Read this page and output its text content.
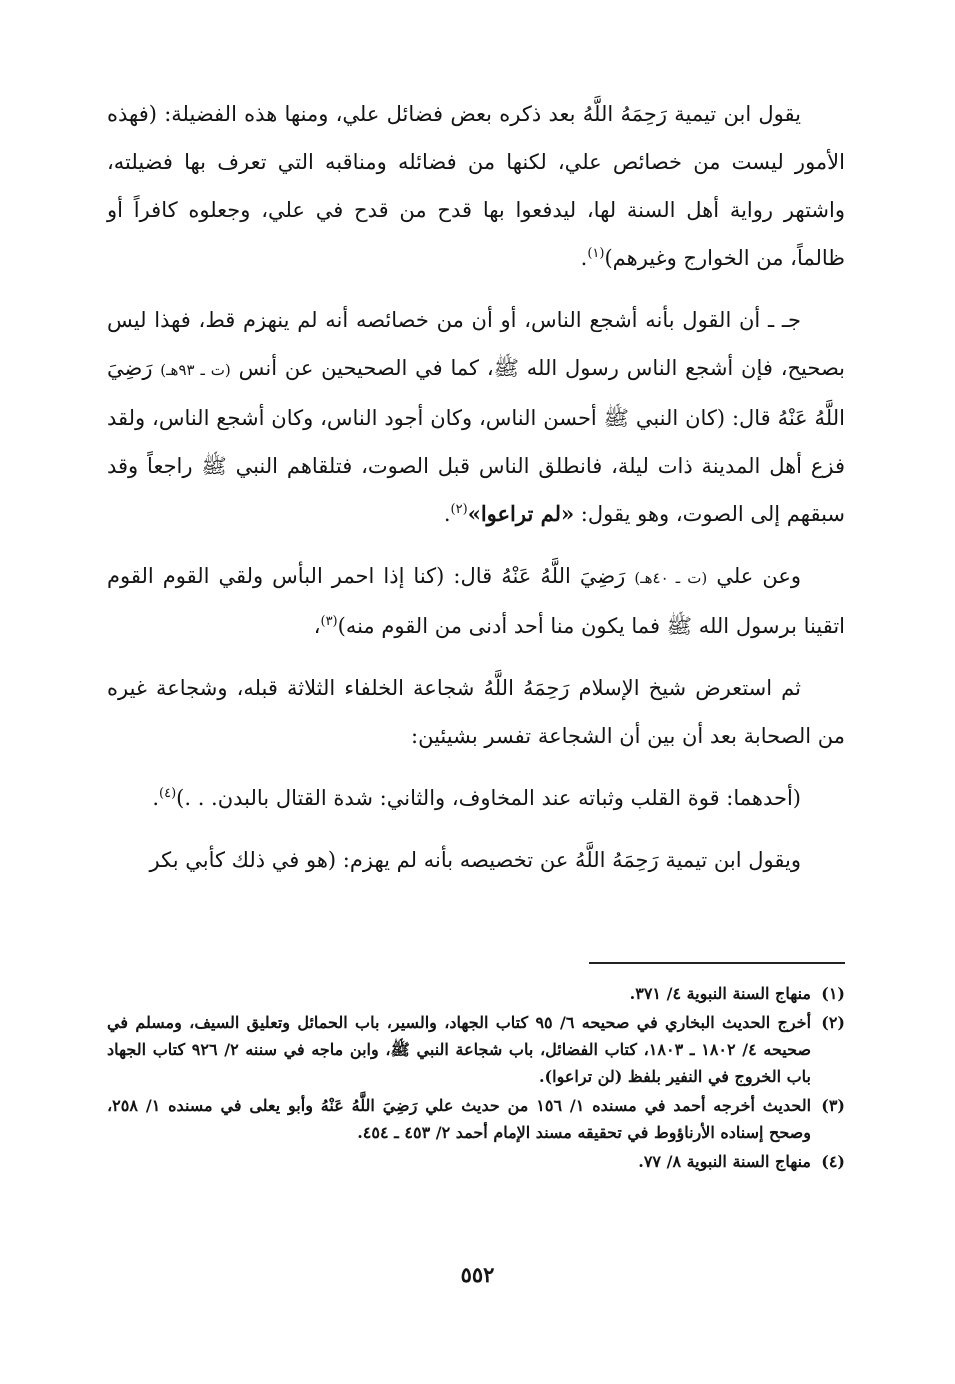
يقول ابن تيمية رَحِمَهُ اللَّهُ بعد ذكره بعض فضائل علي، ومنها هذه الفضيلة: (فهذه الأمور ليست من خصائص علي، لكنها من فضائله ومناقبه التي تعرف بها فضيلته، واشتهر رواية أهل السنة لها، ليدفعوا بها قدح من قدح في علي، وجعلوه كافراً أو ظالماً، من الخوارج وغيرهم)$^{(١)}$.

جـ ـ أن القول بأنه أشجع الناس، أو أن من خصائصه أنه لم ينهزم قط، فهذا ليس بصحيح، فإن أشجع الناس رسول الله ﷺ، كما في الصحيحين عن أنس (ت ـ ٩٣هـ) رَضِيَ اللَّهُ عَنْهُ قال: (كان النبي ﷺ أحسن الناس، وكان أجود الناس، وكان أشجع الناس، ولقد فزع أهل المدينة ذات ليلة، فانطلق الناس قبل الصوت، فتلقاهم النبي ﷺ راجعاً وقد سبقهم إلى الصوت، وهو يقول: «لم تراعوا»$^{(٢)}$.

وعن علي (ت ـ ٤٠هـ) رَضِيَ اللَّهُ عَنْهُ قال: (كنا إذا احمر البأس ولقي القوم القوم اتقينا برسول الله ﷺ فما يكون منا أحد أدنى من القوم منه)$^{(٣)}$،

ثم استعرض شيخ الإسلام رَحِمَهُ اللَّهُ شجاعة الخلفاء الثلاثة قبله، وشجاعة غيره من الصحابة بعد أن بين أن الشجاعة تفسر بشيئين:

(أحدهما: قوة القلب وثباته عند المخاوف، والثاني: شدة القتال بالبدن. . .)$^{(٤)}$.

ويقول ابن تيمية رَحِمَهُ اللَّهُ عن تخصيصه بأنه لم يهزم: (هو في ذلك كأبي بكر

(١)
منهاج السنة النبوية ٤/ ٣٧١.
(٢)
أخرج الحديث البخاري في صحيحه ٦/ ٩٥ كتاب الجهاد، والسير، باب الحمائل وتعليق السيف، ومسلم في صحيحه ٤/ ١٨٠٢ ـ ١٨٠٣، كتاب الفضائل، باب شجاعة النبي ﷺ، وابن ماجه في سننه ٢/ ٩٢٦ كتاب الجهاد باب الخروج في النفير بلفظ (لن تراعوا).
(٣)
الحديث أخرجه أحمد في مسنده ١/ ١٥٦ من حديث علي رَضِيَ اللَّهُ عَنْهُ وأبو يعلى في مسنده ١/ ٢٥٨، وصحح إسناده الأرناؤوط في تحقيقه مسند الإمام أحمد ٢/ ٤٥٣ ـ ٤٥٤.
(٤)
منهاج السنة النبوية ٨/ ٧٧.
٥٥٢
